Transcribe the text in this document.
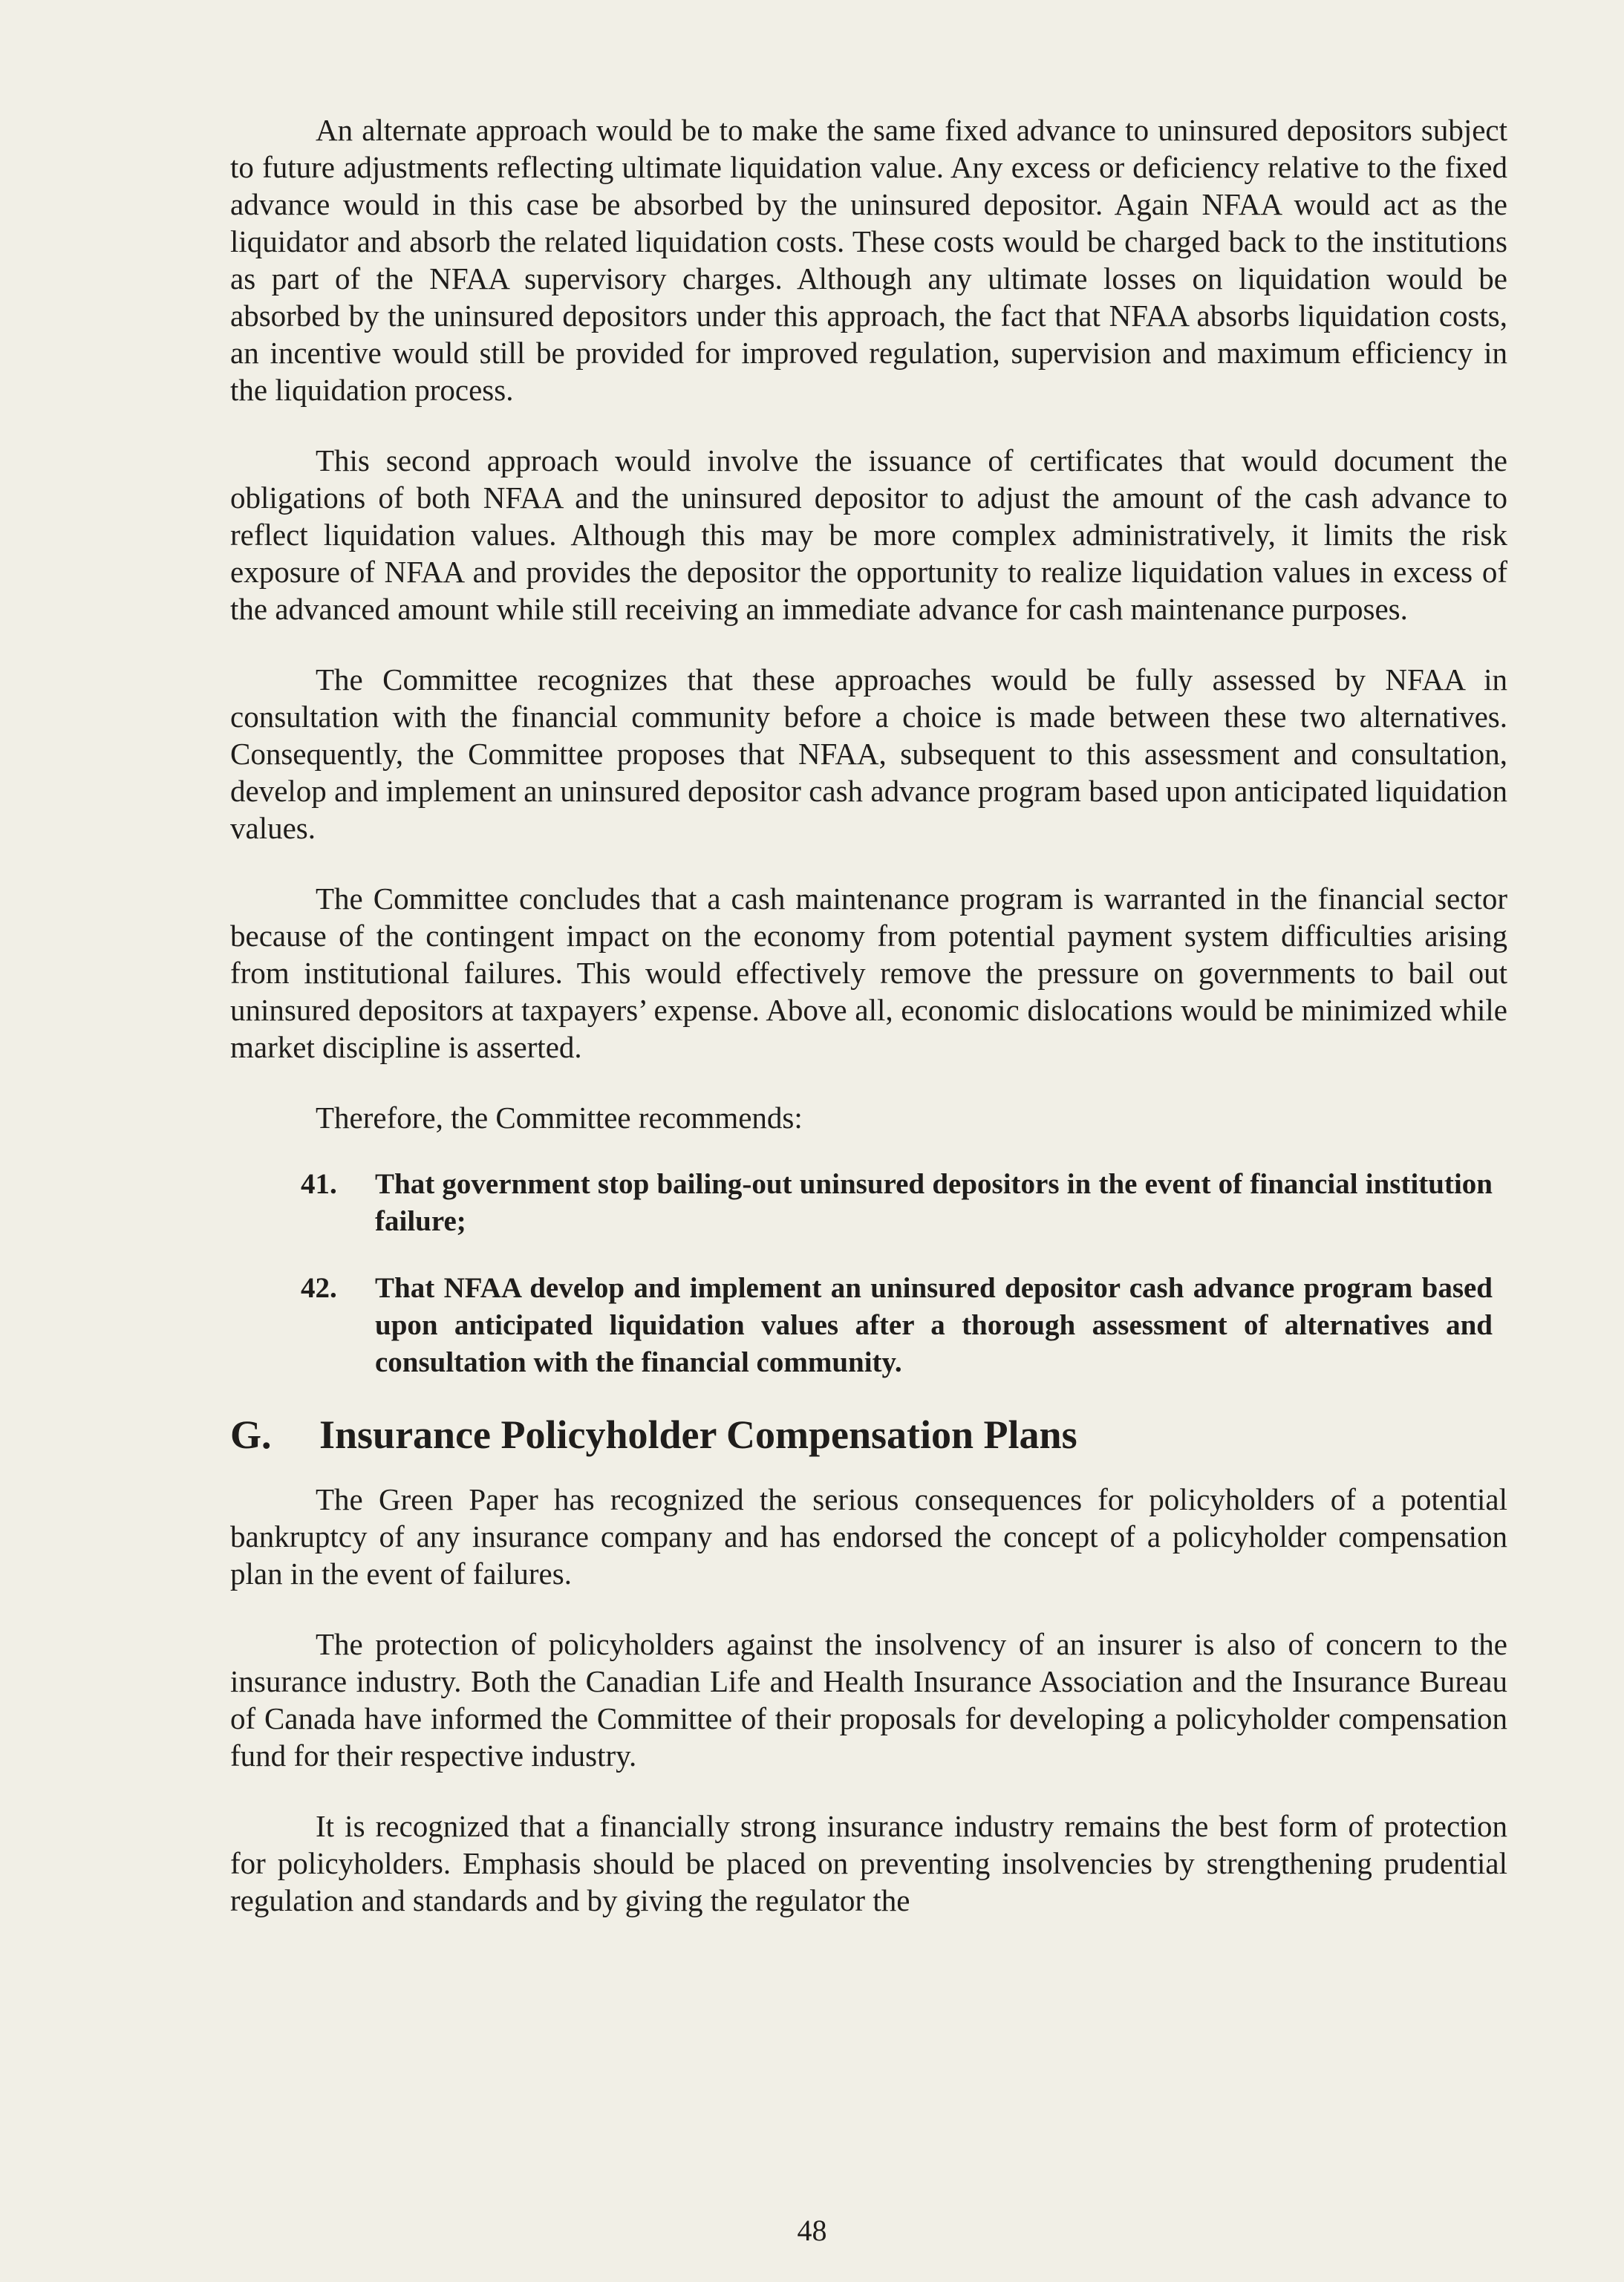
An alternate approach would be to make the same fixed advance to uninsured depositors subject to future adjustments reflecting ultimate liquidation value. Any excess or deficiency relative to the fixed advance would in this case be absorbed by the uninsured depositor. Again NFAA would act as the liquidator and absorb the related liquidation costs. These costs would be charged back to the institutions as part of the NFAA supervisory charges. Although any ultimate losses on liquidation would be absorbed by the uninsured depositors under this approach, the fact that NFAA absorbs liquidation costs, an incentive would still be provided for improved regulation, supervision and maximum efficiency in the liquidation process.

This second approach would involve the issuance of certificates that would document the obligations of both NFAA and the uninsured depositor to adjust the amount of the cash advance to reflect liquidation values. Although this may be more complex administratively, it limits the risk exposure of NFAA and provides the depositor the opportunity to realize liquidation values in excess of the advanced amount while still receiving an immediate advance for cash maintenance purposes.

The Committee recognizes that these approaches would be fully assessed by NFAA in consultation with the financial community before a choice is made between these two alternatives. Consequently, the Committee proposes that NFAA, subsequent to this assessment and consultation, develop and implement an uninsured depositor cash advance program based upon anticipated liquidation values.

The Committee concludes that a cash maintenance program is warranted in the financial sector because of the contingent impact on the economy from potential payment system difficulties arising from institutional failures. This would effectively remove the pressure on governments to bail out uninsured depositors at taxpayers’ expense. Above all, economic dislocations would be minimized while market discipline is asserted.

Therefore, the Committee recommends:

41.	That government stop bailing-out uninsured depositors in the event of financial institution failure;
42.	That NFAA develop and implement an uninsured depositor cash advance program based upon anticipated liquidation values after a thorough assessment of alternatives and consultation with the financial community.
G.	Insurance Policyholder Compensation Plans

The Green Paper has recognized the serious consequences for policyholders of a potential bankruptcy of any insurance company and has endorsed the concept of a policyholder compensation plan in the event of failures.

The protection of policyholders against the insolvency of an insurer is also of concern to the insurance industry. Both the Canadian Life and Health Insurance Association and the Insurance Bureau of Canada have informed the Committee of their proposals for developing a policyholder compensation fund for their respective industry.

It is recognized that a financially strong insurance industry remains the best form of protection for policyholders. Emphasis should be placed on preventing insolvencies by strengthening prudential regulation and standards and by giving the regulator the

48
